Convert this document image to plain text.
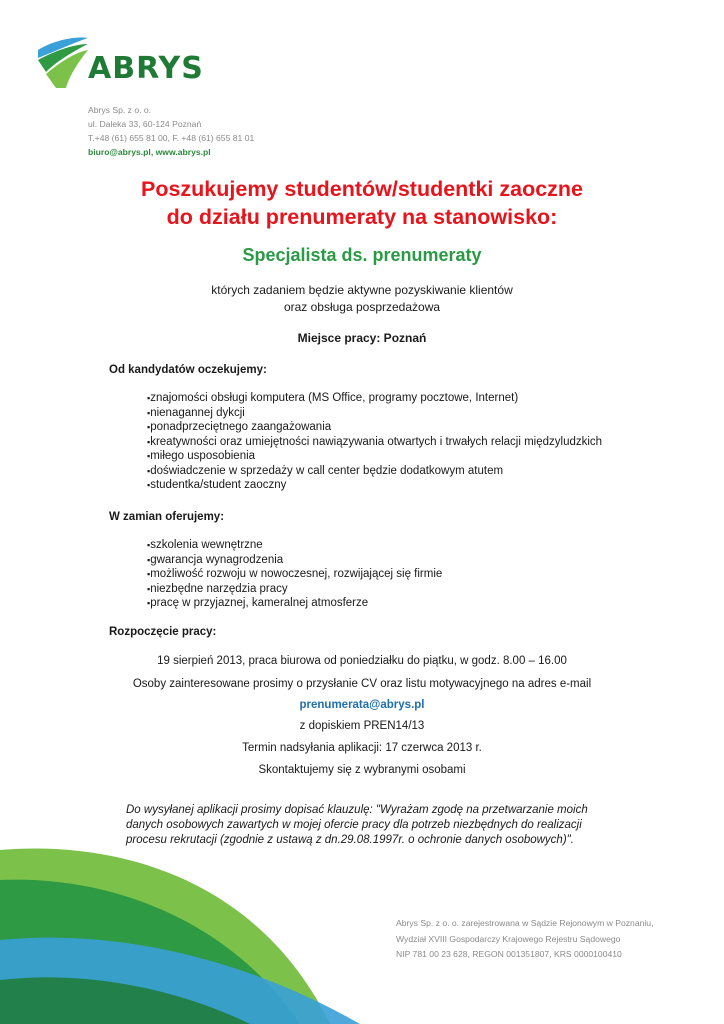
ABRYS
Abrys Sp. z o. o.
ul. Daleka 33, 60-124 Poznań
T.+48 (61) 655 81 00, F. +48 (61) 655 81 01
biuro@abrys.pl, www.abrys.pl
Poszukujemy studentów/studentki zaoczne
do działu prenumeraty na stanowisko:
Specjalista ds. prenumeraty
których zadaniem będzie aktywne pozyskiwanie klientów
oraz obsługa posprzedażowa
Miejsce pracy: Poznań
Od kandydatów oczekujemy:
▪ znajomości obsługi komputera (MS Office, programy pocztowe, Internet)
▪ nienagannej dykcji
▪ ponadprzeciętnego zaangażowania
▪ kreatywności oraz umiejętności nawiązywania otwartych i trwałych relacji międzyludzkich
▪ miłego usposobienia
▪ doświadczenie w sprzedaży w call center będzie dodatkowym atutem
▪ studentka/student zaoczny
W zamian oferujemy:
▪ szkolenia wewnętrzne
▪ gwarancja wynagrodzenia
▪ możliwość rozwoju w nowoczesnej, rozwijającej się firmie
▪ niezbędne narzędzia pracy
▪ pracę w przyjaznej, kameralnej atmosferze
Rozpoczęcie pracy:
19 sierpień 2013, praca biurowa od poniedziałku do piątku, w godz. 8.00 – 16.00
Osoby zainteresowane prosimy o przysłanie CV oraz listu motywacyjnego na adres e-mail
prenumerata@abrys.pl
z dopiskiem PREN14/13
Termin nadsyłania aplikacji: 17 czerwca 2013 r.
Skontaktujemy się z wybranymi osobami
Do wysyłanej aplikacji prosimy dopisać klauzulę: "Wyrażam zgodę na przetwarzanie moich danych osobowych zawartych w mojej ofercie pracy dla potrzeb niezbędnych do realizacji procesu rekrutacji (zgodnie z ustawą z dn.29.08.1997r. o ochronie danych osobowych)".
Abrys Sp. z o. o. zarejestrowana w Sądzie Rejonowym w Poznaniu,
Wydział XVIII Gospodarczy Krajowego Rejestru Sądowego
NIP 781 00 23 628, REGON 001351807, KRS 0000100410
